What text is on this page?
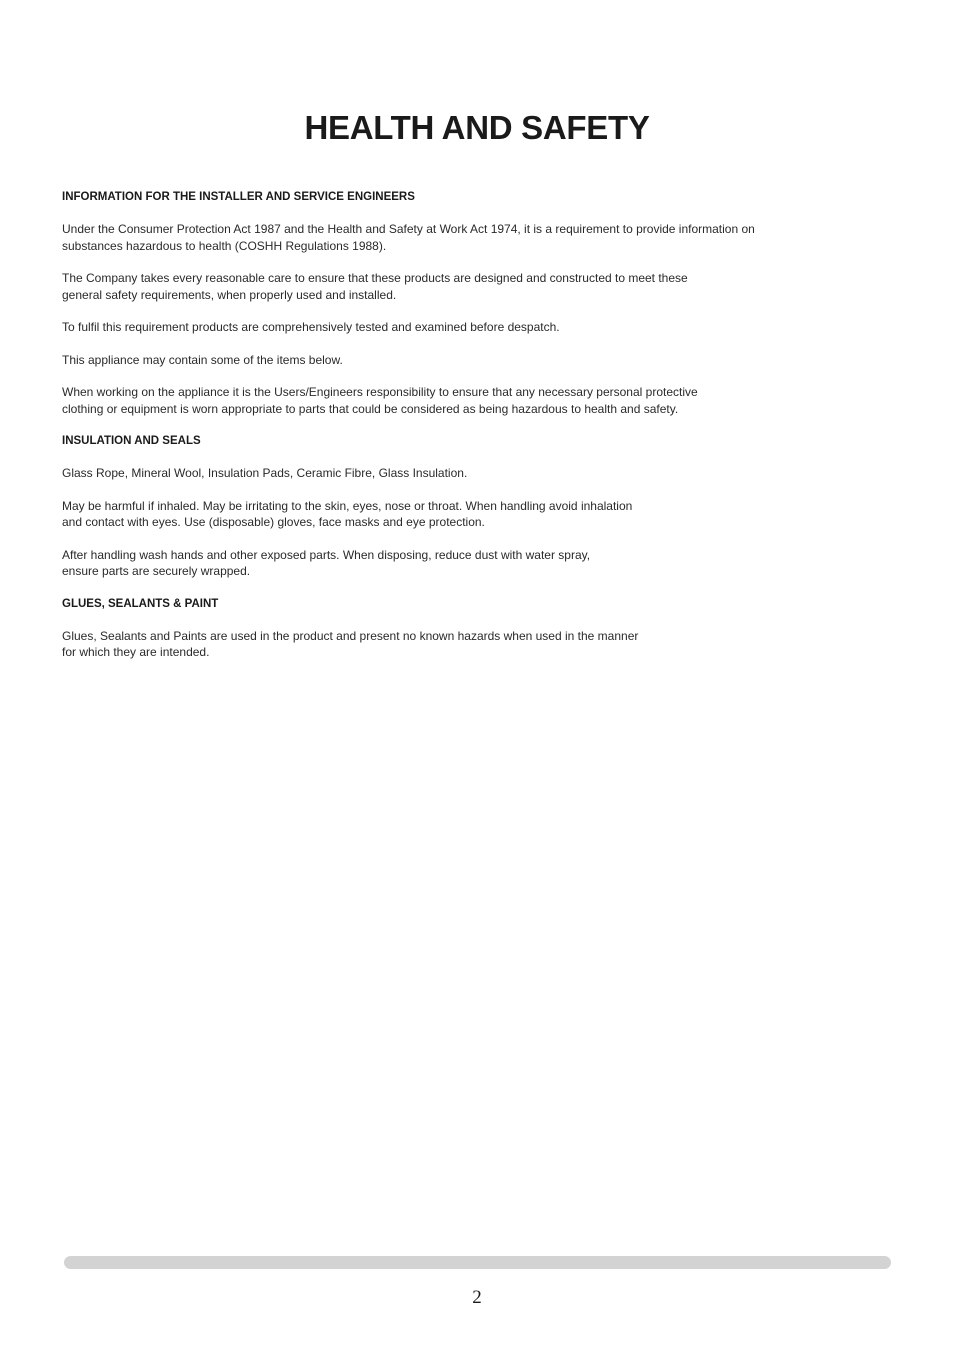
HEALTH AND SAFETY
INFORMATION FOR THE INSTALLER AND SERVICE ENGINEERS

Under the Consumer Protection Act 1987 and the Health and Safety at Work Act 1974, it is a requirement to provide information on
substances hazardous to health (COSHH Regulations 1988).

The Company takes every reasonable care to ensure that these products are designed and constructed to meet these
general safety requirements, when properly used and installed.

To fulfil this requirement products are comprehensively tested and examined before despatch.

This appliance may contain some of the items below.

When working on the appliance it is the Users/Engineers responsibility to ensure that any necessary personal protective
clothing or equipment is worn appropriate to parts that could be considered as being hazardous to health and safety.

INSULATION AND SEALS

Glass Rope, Mineral Wool, Insulation Pads, Ceramic Fibre, Glass Insulation.

May be harmful if inhaled. May be irritating to the skin, eyes, nose or throat. When handling avoid inhalation
and contact with eyes. Use (disposable) gloves, face masks and eye protection.

After handling wash hands and other exposed parts. When disposing, reduce dust with water spray,
ensure parts are securely wrapped.

GLUES, SEALANTS & PAINT

Glues, Sealants and Paints are used in the product and present no known hazards when used in the manner
for which they are intended.

2
